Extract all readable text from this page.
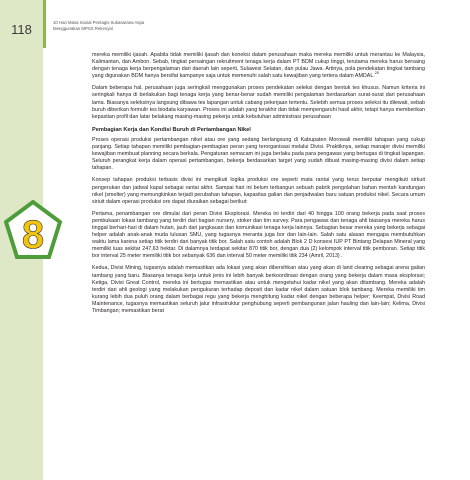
118	10 Hari Masa Sosial Pentagis Sukasarana Aspa
Menggunakan MPSS Rekenyal
8

mereka memiliki ijasah. Apabila tidak memiliki ijasah dan koneksi dalam perusahaan maka mereka memiliki untuk merantau ke Malaysia, Kalimantan, dan Ambon. Sebab, tingkat persaingan rekruitment tenaga kerja dalam PT BDM cukup tinggi, terutama mereka harus bersaing dengan tenaga kerja berpengalaman dari daerah lain seperti, Sulawesi Selatan, dan pulau Jawa. Artinya, pola pendekatan tingkat tambang yang digunakan BDM hanya bersifat kampanye saja untuk memenuhi salah satu kewajiban yang tertera dalam AMDAL.$^{20}$

Dalam beberapa hal, perusahaan juga seringkali menggunakan proses pendekatan seleksi dengan bentuk tes khusus. Namun kriteria ini seringkali hanya di berlakukan bagi tenaga kerja yang benar-benar sudah memiliki pengalaman berdasarkan surat-surat dari perusahaan lama. Biasanya seleksinya langsung dibawa tes lapangan untuk cabang pekerjaan tertentu. Selebih semua proses seleksi itu dilewati, sebab buruh diberikan formulir tes biodata karyawan. Proses ini adalah yang terakhir dan tidak mempengaruhi hasil akhir, tetapi hanya memberikan kepastian profil dan latar belakang masing-masing pekerja untuk kebutuhan administrasi perusahaan

Pembagian Kerja dan Kondisi Buruh di Pertambangan Nikel

Proses operasi produksi pertambangan nikel atau ore yang sedang berlangsung di Kabupaten Morowali memiliki tahapan yang cukup panjang. Setiap tahapan memiliki pembagian-pembagian peran yang terorganisasi melalui Divisi. Praktiknya, setiap manajer divisi memiliki kewajiban membuat planning secara berkala. Pengaturan semacam ini juga berlaku pada para pengawas yang bertugas di tingkat lapangan. Seluruh perangkat kerja dalam operasi pertambangan, bekerja berdasarkan target yang sudah dibuat masing-masing divisi dalam setiap tahapan.

Konsep tahapan produksi terbasis divisi ini mengikuti logika produksi ore seperti mata rantai yang terus berputar mengikuti sirkuit pengerukan dan jadwal kapal sebagai rantai akhir. Sampai hari ini belum terbangun sebuah pabrik pengolahan bahan mentah kandungan nikel (smelter) yang memungkinkan terjadi perubahan tahapan, kapasitas galian dan penjadwalan baru satuan produksi nikel. Secara umum siriuit dalam operasi produksi ore dapat diuraikan sebagai berikut:

Pertama, penambangan ore dimulai dari peran Divisi Eksplorasi. Mereka ini terdiri dari 40 hingga 100 orang bekerja pada saat proses pembukaan lokasi tambang yang terdiri dari bagian nursery, stoker dan tim survey. Para pengawas dan tenaga ahli biasanya mereka harus tinggal berhari-hari di dalam hutan, jauh dari jangkauan dan komunikasi tenaga kerja lainnya. Sebagian besar mereka yang bekerja sebagai helper adalah anak-anak muda lulusan SMU, yang tugasnya meranta juga bor dan lain-lain. Salah satu alasan mengapa membutuhkan waktu lama karena setiap titik terdiri dari banyak titik bor. Salah satu contoh adalah Blok 2 D konsesi IUP PT Bintang Delapan Mineral yang memiliki luas sekitar 247,63 hektar. Di dalamnya terdapat sekitar 870 titik bor, dengan dua (2) kelompok interval titik pemboran. Setiap titik bor interval 25 meter memiliki titik bor sebanyak 636 dan interval 50 meter memiliki titik 234 (Amril, 2013) .

Kedua, Divisi Mining, tugasnya adalah memastikan ada lokasi yang akan dibersihkan atau yang akan di land clearing sebagai arena galian tambang yang baru. Biasanya tenaga kerja untuk jenis ini lebih banyak berkoordinasi dengan orang yang bekerja dalam masa eksplorasi; Ketiga, Divisi Great Control, mereka ini bertugas memastikan atau untuk mengetahui kadar nikel yang akan ditambang. Mereka adalah terdiri dari ahli geologi yang melakukan pengukuran terhadap deposit dan kadar nikel dalam satuan blok tambang. Mereka memiliki tim kurang lebih dua puluh orang dalam berbagai regu yang bekerja menghitung kadar nikel dengan beberapa helper; Keempat, Divisi Road Maintenance, tugasnya memastikan seluruh jalur infrastruktur penghubung seperti pembangunan jalan hauling dan lain-lain; Kelima, Divisi Timbangan; memastikan berat
